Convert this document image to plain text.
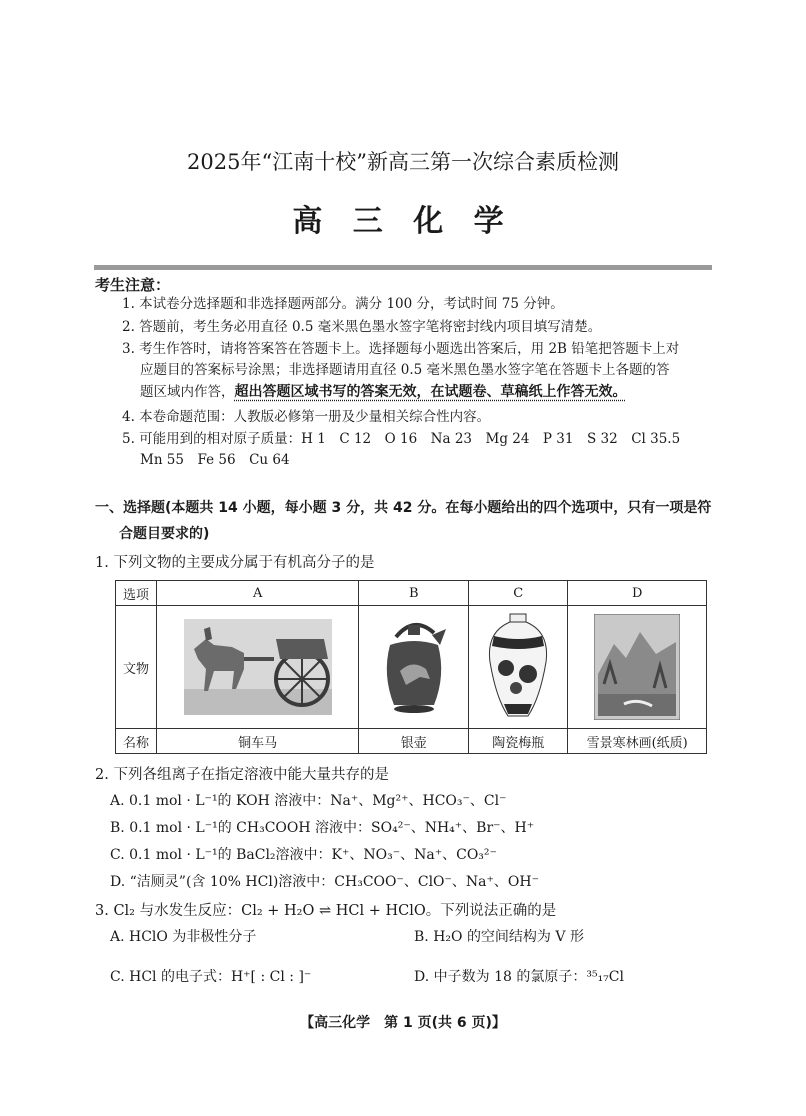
2025年“江南十校”新高三第一次综合素质检测
高 三 化 学
考生注意：
1. 本试卷分选择题和非选择题两部分。满分 100 分，考试时间 75 分钟。
2. 答题前，考生务必用直径 0.5 毫米黑色墨水签字笔将密封线内项目填写清楚。
3. 考生作答时，请将答案答在答题卡上。选择题每小题选出答案后，用 2B 铅笔把答题卡上对
应题目的答案标号涂黑；非选择题请用直径 0.5 毫米黑色墨水签字笔在答题卡上各题的答
题区域内作答，超出答题区域书写的答案无效，在试题卷、草稿纸上作答无效。
4. 本卷命题范围：人教版必修第一册及少量相关综合性内容。
5. 可能用到的相对原子质量：H 1　C 12　O 16　Na 23　Mg 24　P 31　S 32　Cl 35.5
Mn 55　Fe 56　Cu 64
一、选择题(本题共 14 小题，每小题 3 分，共 42 分。在每小题给出的四个选项中，只有一项是符
合题目要求的)
1. 下列文物的主要成分属于有机高分子的是
选项	A	B	C	D
文物	

名称	铜车马	银壶	陶瓷梅瓶	雪景寒林画(纸质)
2. 下列各组离子在指定溶液中能大量共存的是
A. 0.1 mol · L⁻¹的 KOH 溶液中：Na⁺、Mg²⁺、HCO₃⁻、Cl⁻
B. 0.1 mol · L⁻¹的 CH₃COOH 溶液中：SO₄²⁻、NH₄⁺、Br⁻、H⁺
C. 0.1 mol · L⁻¹的 BaCl₂溶液中：K⁺、NO₃⁻、Na⁺、CO₃²⁻
D. “洁厕灵”(含 10% HCl)溶液中：CH₃COO⁻、ClO⁻、Na⁺、OH⁻
3. Cl₂ 与水发生反应：Cl₂ + H₂O ⇌ HCl + HClO。下列说法正确的是
A. HClO 为非极性分子	B. H₂O 的空间结构为 V 形
C. HCl 的电子式：H⁺[ : Cl : ]⁻	D. 中子数为 18 的氯原子：³⁵₁₇Cl
【高三化学　第 1 页(共 6 页)】
